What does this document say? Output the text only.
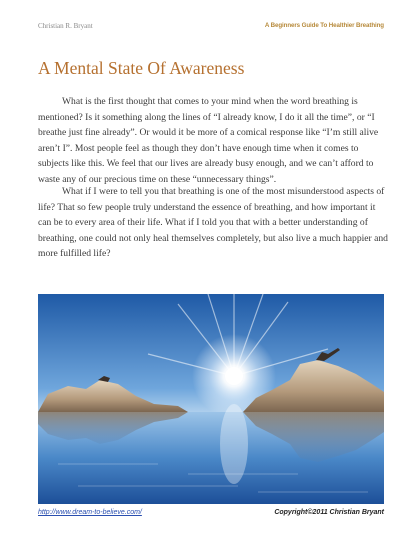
Christian R. Bryant	A Beginners Guide To Healthier Breathing
A Mental State Of Awareness

What is the first thought that comes to your mind when the word breathing is mentioned? Is it something along the lines of “I already know, I do it all the time”, or “I breathe just fine already”. Or would it be more of a comical response like “I’m still alive aren’t I”. Most people feel as though they don’t have enough time when it comes to subjects like this. We feel that our lives are already busy enough, and we can’t afford to waste any of our precious time on these “unnecessary things”.

What if I were to tell you that breathing is one of the most misunderstood aspects of life? That so few people truly understand the essence of breathing, and how important it can be to every area of their life. What if I told you that with a better understanding of breathing, one could not only heal themselves completely, but also live a much happier and more fulfilled life?

http://www.dream-to-believe.com/	Copyright©2011 Christian Bryant
